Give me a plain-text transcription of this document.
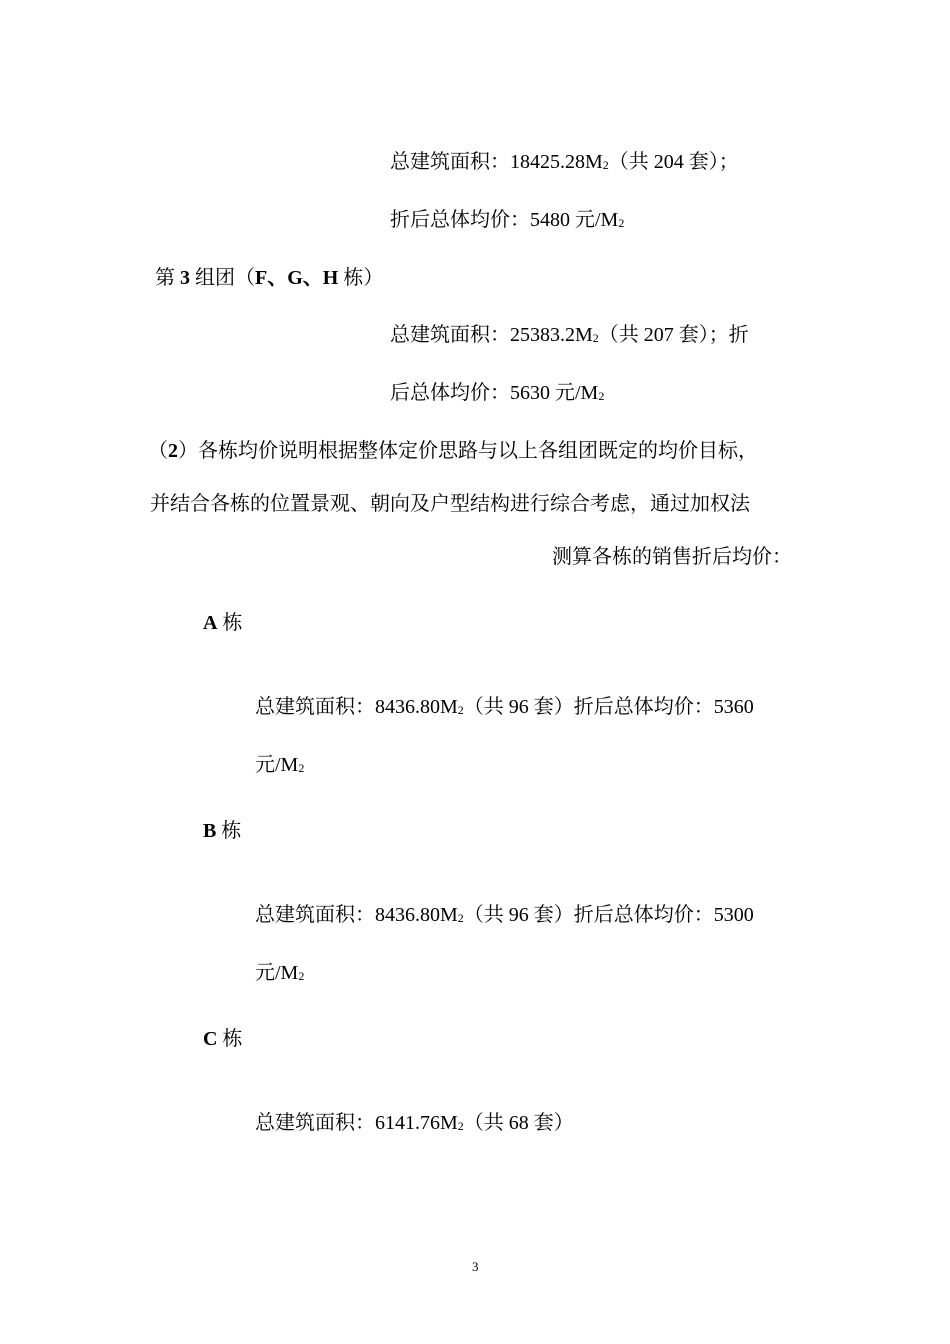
总建筑面积：$18425.28M_2$（共 204 套）；
折后总体均价：5480 元$/M_2$
第 3 组团（F、G、H 栋）
总建筑面积：$25383.2M_2$（共 207 套）；折
后总体均价：5630 元$/M_2$
（2）各栋均价说明根据整体定价思路与以上各组团既定的均价目标，
并结合各栋的位置景观、朝向及户型结构进行综合考虑，通过加权法
测算各栋的销售折后均价：
A 栋
总建筑面积：$8436.80M_2$（共 96 套）折后总体均价：5360
元$/M_2$
B 栋
总建筑面积：$8436.80M_2$（共 96 套）折后总体均价：5300
元$/M_2$
C 栋
总建筑面积：$6141.76M_2$（共 68 套）
3
